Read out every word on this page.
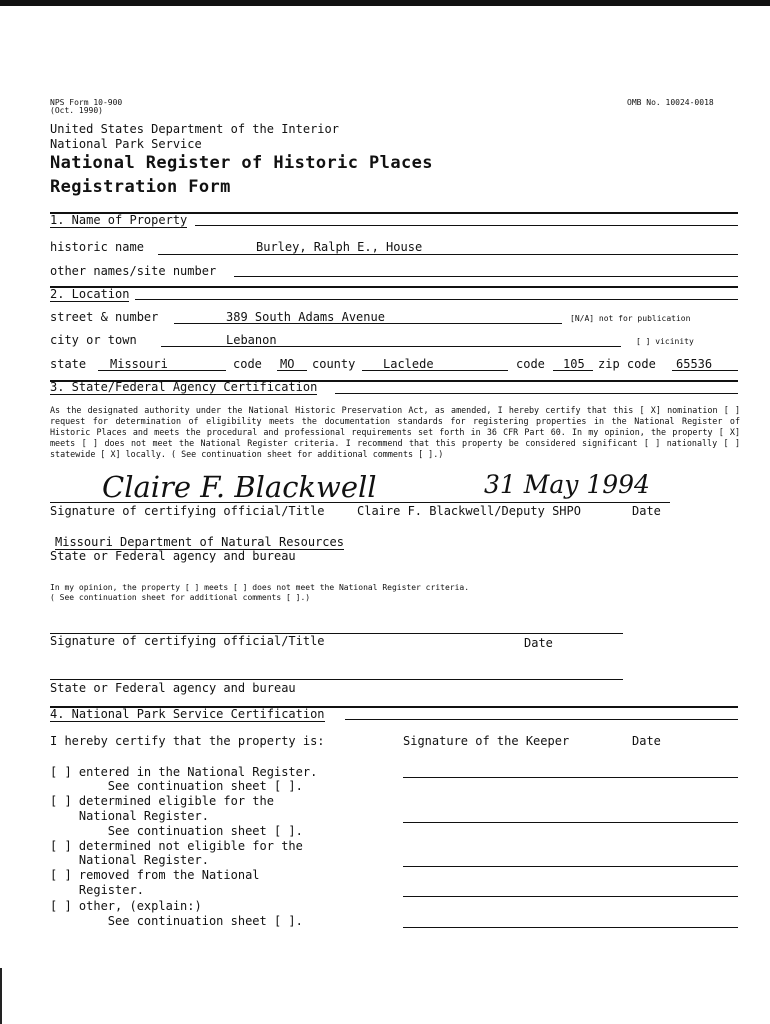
NPS Form 10-900
(Oct. 1990)
OMB No. 10024-0018
United States Department of the Interior
National Park Service
National Register of Historic Places
Registration Form
1. Name of Property
historic name	Burley, Ralph E., House
other names/site number
2. Location
street & number	389 South Adams Avenue	[N/A] not for publication
city or town	Lebanon	[ ] vicinity
state Missouri	code MO county Laclede	code 105 zip code 65536
3. State/Federal Agency Certification
As the designated authority under the National Historic Preservation Act, as amended, I hereby certify that this [ X] nomination [ ] request for determination of eligibility meets the documentation standards for registering properties in the National Register of Historic Places and meets the procedural and professional requirements set forth in 36 CFR Part 60. In my opinion, the property [ X] meets [ ] does not meet the National Register criteria. I recommend that this property be considered significant [ ] nationally [ ] statewide [ X] locally. ( See continuation sheet for additional comments [ ].)
Claire F. Blackwell	31 May 1994
Signature of certifying official/Title	Claire F. Blackwell/Deputy SHPO	Date
Missouri Department of Natural Resources
State or Federal agency and bureau
In my opinion, the property [ ] meets [ ] does not meet the National Register criteria.
( See continuation sheet for additional comments [ ].)
Signature of certifying official/Title	Date
State or Federal agency and bureau
4. National Park Service Certification
I hereby certify that the property is:	Signature of the Keeper	Date
[ ] entered in the National Register.
See continuation sheet [ ].
[ ] determined eligible for the
National Register.
See continuation sheet [ ].
[ ] determined not eligible for the
National Register.
[ ] removed from the National
Register.
[ ] other, (explain:)
See continuation sheet [ ].
